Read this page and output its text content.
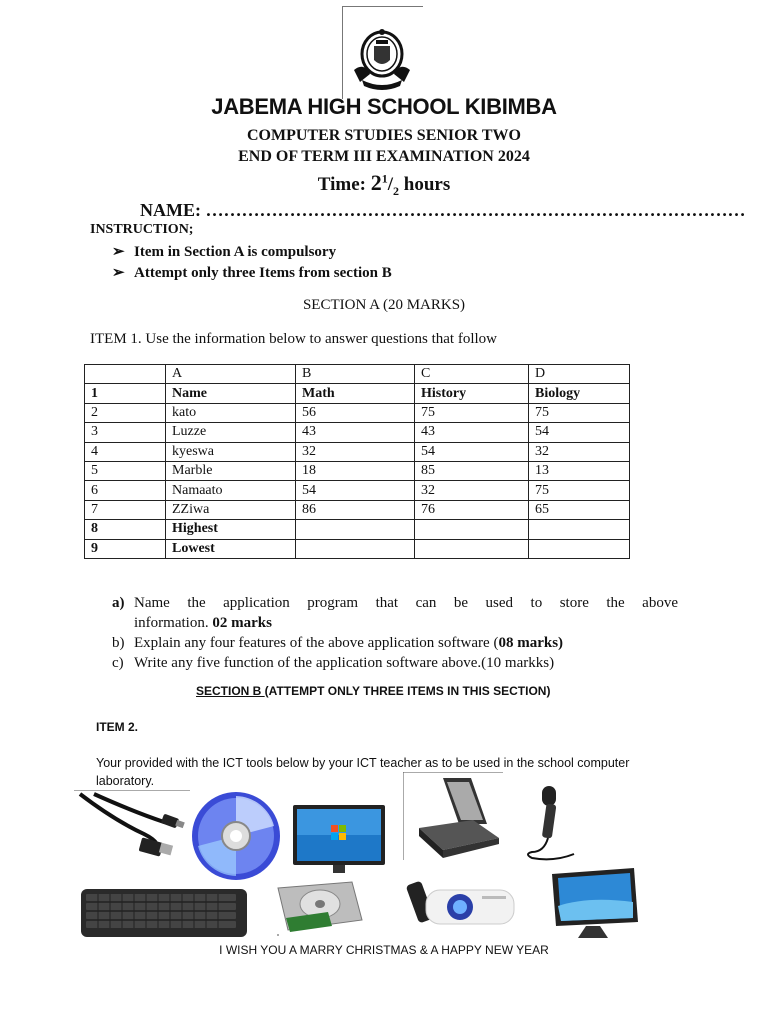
JABEMA HIGH SCHOOL KIBIMBA
COMPUTER STUDIES SENIOR TWO
END OF TERM III EXAMINATION 2024
Time: $2^1/_2$ hours
NAME: ………………………………………………………………………………
INSTRUCTION;
➢ Item in Section A is compulsory
➢ Attempt only three Items from section B
SECTION A (20 MARKS)
ITEM 1. Use the information below to answer questions that follow
	A	B	C	D
1	Name	Math	History	Biology
2	kato	56	75	75
3	Luzze	43	43	54
4	kyeswa	32	54	32
5	Marble	18	85	13
6	Namaato	54	32	75
7	ZZiwa	86	76	65
8	Highest			
9	Lowest			
a) Name the application program that can be used to store the above
information. 02 marks
b) Explain any four features of the above application software (08 marks)
c) Write any five function of the application software above.(10 markks)
SECTION B (ATTEMPT ONLY THREE ITEMS IN THIS SECTION)
ITEM 2.
Your provided with the ICT tools below by your ICT teacher as to be used in the school computer laboratory.
I WISH YOU A MARRY CHRISTMAS & A HAPPY NEW YEAR
